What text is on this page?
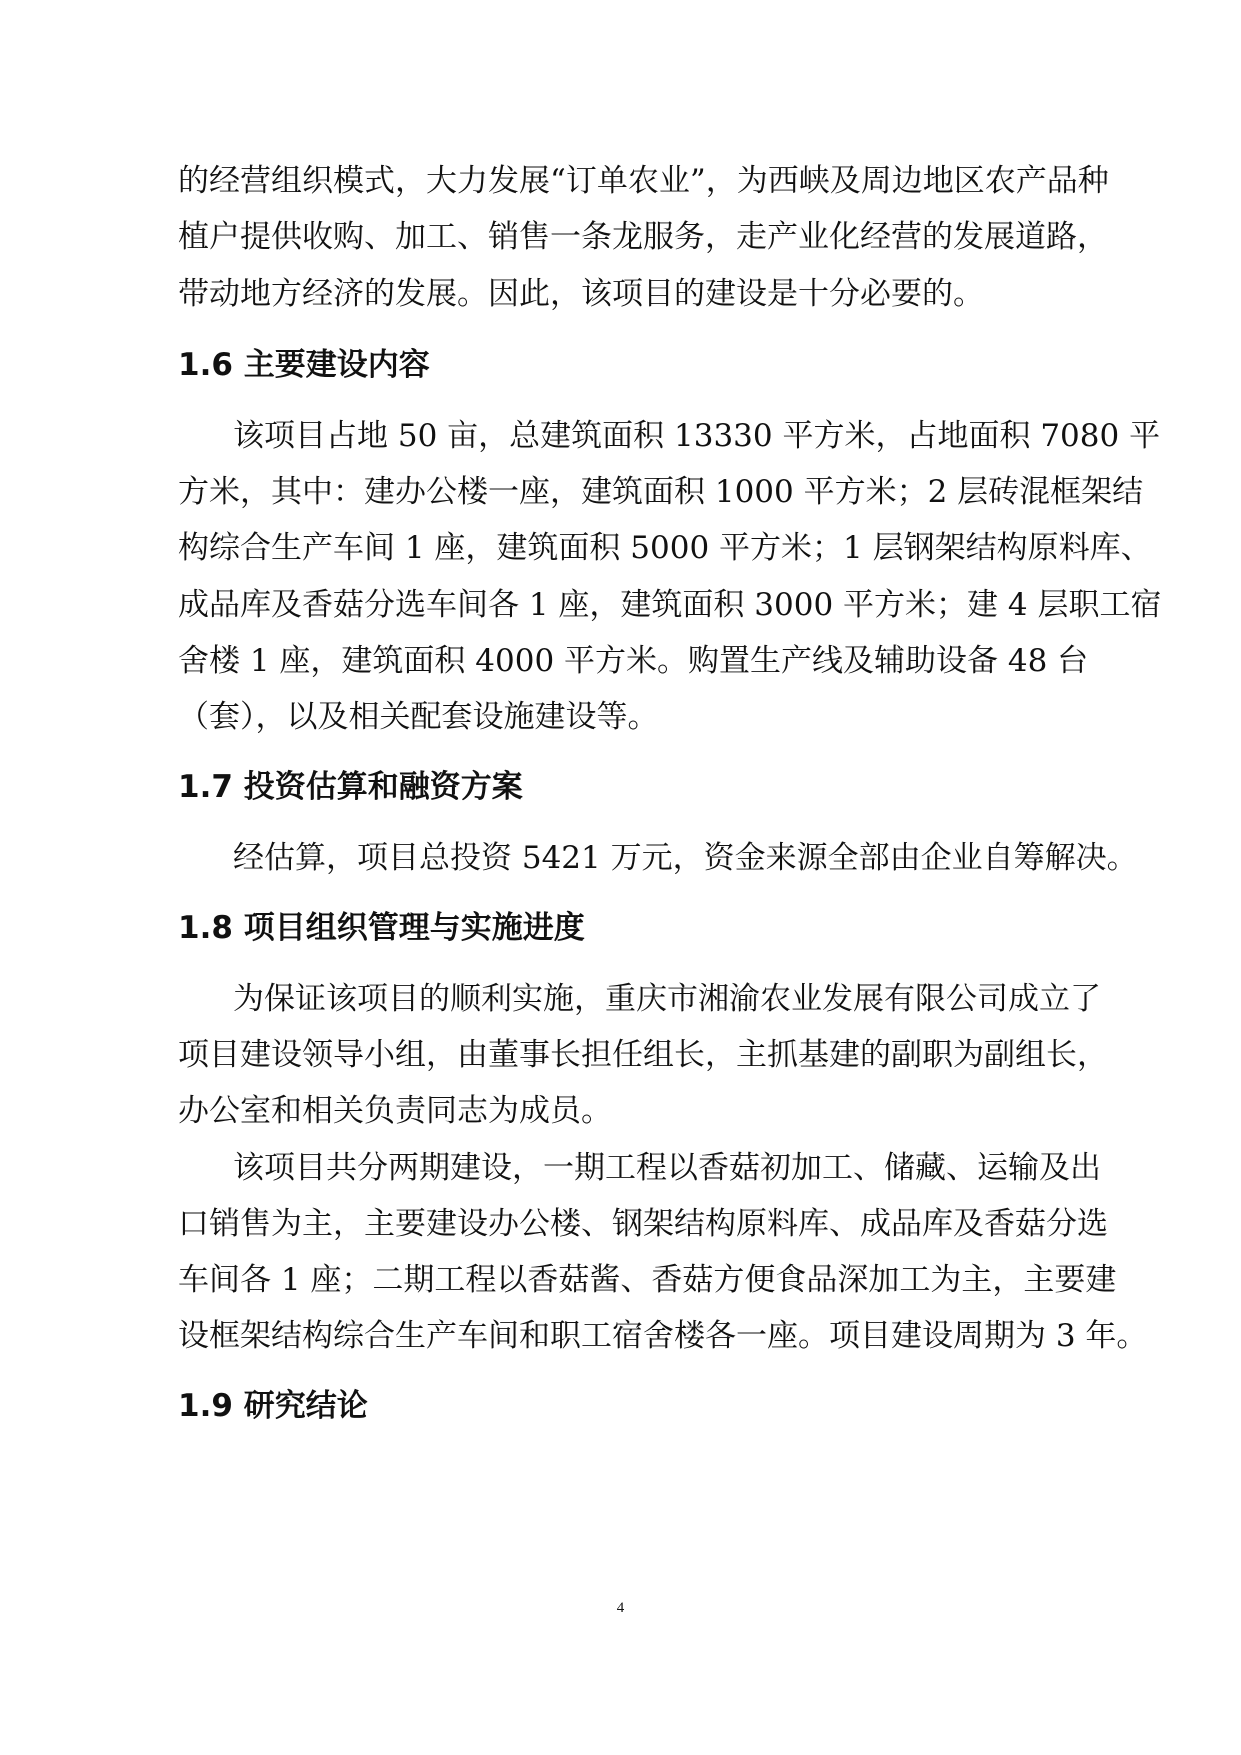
的经营组织模式，大力发展“订单农业”，为西峡及周边地区农产品种
植户提供收购、加工、销售一条龙服务，走产业化经营的发展道路，
带动地方经济的发展。因此，该项目的建设是十分必要的。
1.6 主要建设内容
该项目占地 50 亩，总建筑面积 13330 平方米，占地面积 7080 平
方米，其中：建办公楼一座，建筑面积 1000 平方米；2 层砖混框架结
构综合生产车间 1 座，建筑面积 5000 平方米；1 层钢架结构原料库、
成品库及香菇分选车间各 1 座，建筑面积 3000 平方米；建 4 层职工宿
舍楼 1 座，建筑面积 4000 平方米。购置生产线及辅助设备 48 台
（套），以及相关配套设施建设等。
1.7 投资估算和融资方案
经估算，项目总投资 5421 万元，资金来源全部由企业自筹解决。
1.8 项目组织管理与实施进度
为保证该项目的顺利实施，重庆市湘渝农业发展有限公司成立了
项目建设领导小组，由董事长担任组长，主抓基建的副职为副组长，
办公室和相关负责同志为成员。
该项目共分两期建设，一期工程以香菇初加工、储藏、运输及出
口销售为主，主要建设办公楼、钢架结构原料库、成品库及香菇分选
车间各 1 座；二期工程以香菇酱、香菇方便食品深加工为主，主要建
设框架结构综合生产车间和职工宿舍楼各一座。项目建设周期为 3 年。
1.9 研究结论
4
